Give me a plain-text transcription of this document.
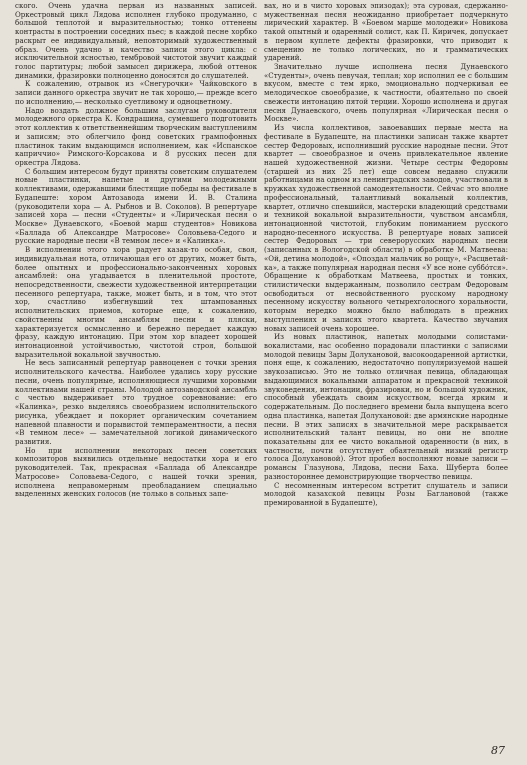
ского. Очень удачна первая из названных записей. Оркестровый цикл Лядова исполнен глубоко продуманно, с большой теплотой и выразительностью; тонко оттенены контрасты в построении соседних пьес; в каждой песне хорбко раскрыт ее индивидуальный, неповторимый художественный образ. Очень удачно и качество записи этого цикла: с исключительной ясностью, тембровой чистотой звучит каждый голос партитуры; любой замысел дирижера, любой оттенок динамики, фразировки полноценно доносятся до слушателей.

К сожалению, отрывок из «Снегурочки» Чайковского в записи данного оркестра звучит не так хорошо,— прежде всего по исполнению,— несколько суетливому и одноцветному.

Надо воздать должное большим заслугам руководителя молодежного оркестра К. Кондрашина, сумевшего подготовить этот коллектив к ответственнейшим творческим выступлениям и записям; это облегчило фонд советских грампофонных пластинок таким выдающимся исполнением, как «Испанское каприччио» Римского-Корсакова и 8 русских песен для оркестра Лядова.

С большим интересом будут приняты советским слушателем новые пластинки, напетые и другими молодежными коллективами, одержавшими блестящие победы на фестивале в Будапеште: хором Автозавода имени И. В. Сталина (руководители хора — А. Рыбнов и В. Соколов). В репертуаре записей хора — песни «Студенты» и «Лирическая песня о Москве» Дунаевского, «Боевой марш студентов» Новикова «Баллада об Александре Матросове» Соловьева-Седого и русские народные песни «В темном лесе» и «Калинка».

В исполнении этого хора радует казак-то особая, своя, индивидуальная нота, отличающая его от других, может быть, более опытных и профессионально-законченных хоровых ансамблей: она угадывается в пленительной простоте, непосредственности, свежести художественной интерпретации песенного репертуара, также, может быть, и в том, что этот хор, счастливо избегнувший тех штампованных исполнительских приемов, которые еще, к сожалению, свойственны многим ансамблям песни и пляски, характеризуется осмысленно и бережно передает каждую фразу, каждую интонацию. При этом хор владеет хорошей интонационной устойчивостью, чистотой строя, большой выразительной вокальной звучностью.

Не весь записанный репертуар равноценен с точки зрения исполнительского качества. Наиболее удались хору русские песни, очень популярные, исполняющиеся лучшими хоровыми коллективами нашей страны. Молодой автозаводской ансамбль с честью выдерживает это трудное соревнование: его «Калинка», резко выделяясь своеобразием исполнительского рисунка, убеждает и покоряет органическим сочетанием напевной плавности и порывистой темпераментности, а песня «В темном лесе» — замечательной логикой динамического развития.

Но при исполнении некоторых песен советских композиторов выявились отдельные недостатки хора и его руководителей. Так, прекрасная «Баллада об Александре Матросове» Соловьева-Седого, с нашей точки зрения, исполнена неправомерным преобладанием специально выделенных женских голосов (не только в сольных запе-

вах, но и в чисто хоровых эпизодах); эта суровая, сдержанно-мужественная песня неожиданно приобретает подчеркнуто лирический характер. В «Боевом марше молодежи» Новикова такой опытный и одаренный солист, как П. Киричек, допускает в первом куплете дефекты фразировки, что приводит к смещению не только логических, но и грамматических ударений.

Значительно лучше исполнена песня Дунаевского «Студенты», очень певучая, теплая; хор исполнил ее с большим вкусом, вместе с тем ярко, эмоционально подчеркивая ее мелодическое своеобразие, к частности, обаятельно по своей свежести интонацию пятой терции. Хорошо исполнена и другая песня Дунаевского, очень популярная «Лирическая песня о Москве».

Из числа коллективов, завоевавших первые места на фестивале в Будапеште, на пластинки записан также квартет сестер Федоровых, исполнивший русские народные песни. Этот квартет — своеобразное и очень привлекательное явление нашей художественной жизни. Четыре сестры Федоровы (старшей из них 25 лет) еще совсем недавно служили работницами на одном из ленинградских заводов, участвовали в кружках художественной самодеятельности. Сейчас это вполне профессиональный, талантливый вокальный коллектив, квартет, отлично спевшийся, мастерски владеющий средствами и техникой вокальной выразительности, чувством ансамбля, интонационной чистотой, глубоким пониманием русского народно-песенного искусства. В репертуаре новых записей сестер Федоровых — три северорусских народных песни (записанных в Вологодской области) в обработке М. Матвеева: «Ой, детина молодой», «Опоздал мальчик во рощу», «Расцветай-ка», а также популярная народная песня «У всe ноне суббо́тся». Обращение к обработкам Матвеева, простых и тонких, стилистически выдержанным, позволило сестрам Федоровым освободиться от несвойственного русскому народному песенному искусству вольного четырехголосного хоральности, которым нередко можно было наблюдать в прежних выступлениях и записях этого квартета. Качество звучания новых записей очень хорошее.

Из новых пластинок, напетых молодыми солистами-вокалистами, нас особенно порадовали пластинки с записями молодой певицы Зары Долухановой, высокоодаренной артистки, поня еще, к сожалению, недостаточно популяризуемой нашей звукозаписью. Это не только отличная певица, обладающая выдающимися вокальными аппаратом и прекрасной техникой звуковедения, интонации, фразировки, но и большой художник, способный убеждать своим искусством, всегда ярким и содержательным. До последнего времени была выпущена всего одна пластинка, напетая Долухановой: две армянские народные песни. В этих записях в значительной мере раскрывается исполнительский талант певицы, но они не вполне показательны для ее чисто вокальной одаренности (в них, в частности, почти отсутствует обаятельный низкий регистр голоса Долухановой). Этот пробел восполняют новые записи — романсы Глазунова, Лядова, песни Баха. Шуберта более разностороннее демонстрирующие творчество певицы.

С несомненным интересом встретит слушатель и записи молодой казахской певицы Розы Баглановой (также премированной в Будапеште),

87
